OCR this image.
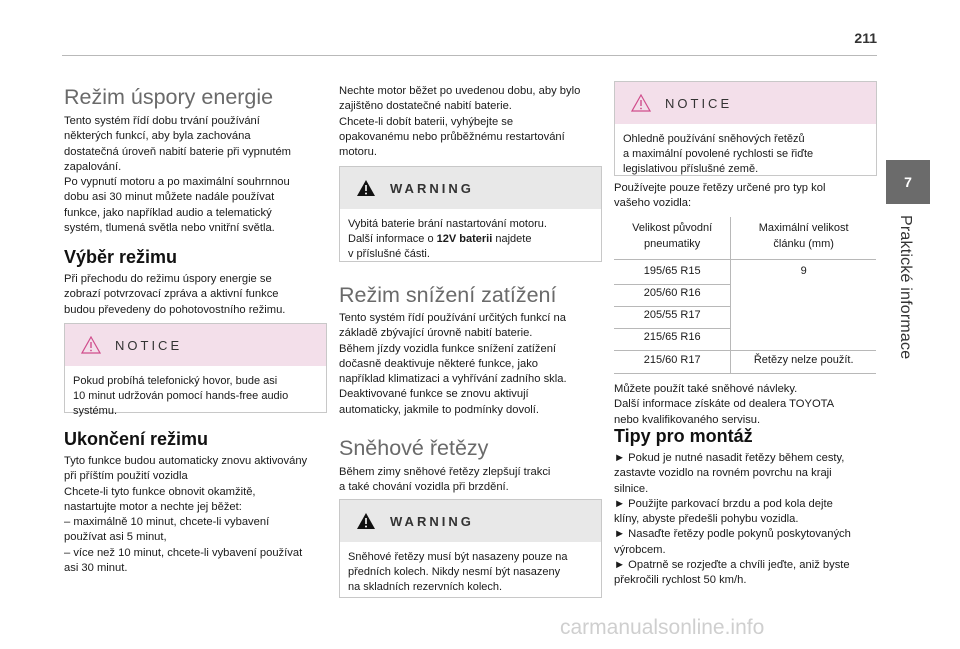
211
7
Praktické informace
Režim úspory energie

Tento systém řídí dobu trvání používání
některých funkcí, aby byla zachována
dostatečná úroveň nabití baterie při vypnutém
zapalování.
Po vypnutí motoru a po maximální souhrnnou
dobu asi 30 minut můžete nadále používat
funkce, jako například audio a telematický
systém, tlumená světla nebo vnitřní světla.

Výběr režimu

Při přechodu do režimu úspory energie se
zobrazí potvrzovací zpráva a aktivní funkce
budou převedeny do pohotovostního režimu.

NOTICE
Pokud probíhá telefonický hovor, bude asi
10 minut udržován pomocí hands-free audio
systému.
Ukončení režimu

Tyto funkce budou automaticky znovu aktivovány
při příštím použití vozidla
Chcete-li tyto funkce obnovit okamžitě,
nastartujte motor a nechte jej běžet:
– maximálně 10 minut, chcete-li vybavení
používat asi 5 minut,
– více než 10 minut, chcete-li vybavení používat
asi 30 minut.

Nechte motor běžet po uvedenou dobu, aby bylo
zajištěno dostatečné nabití baterie.
Chcete-li dobít baterii, vyhýbejte se
opakovanému nebo průběžnému restartování
motoru.

WARNING
Vybitá baterie brání nastartování motoru.
Další informace o 12V baterii najdete
v příslušné části.
Režim snížení zatížení

Tento systém řídí používání určitých funkcí na
základě zbývající úrovně nabití baterie.
Během jízdy vozidla funkce snížení zatížení
dočasně deaktivuje některé funkce, jako
například klimatizaci a vyhřívání zadního skla.
Deaktivované funkce se znovu aktivují
automaticky, jakmile to podmínky dovolí.

Sněhové řetězy

Během zimy sněhové řetězy zlepšují trakci
a také chování vozidla při brzdění.

WARNING
Sněhové řetězy musí být nasazeny pouze na
předních kolech. Nikdy nesmí být nasazeny
na skladních rezervních kolech.
NOTICE
Ohledně používání sněhových řetězů
a maximální povolené rychlosti se řiďte
legislativou příslušné země.

Používejte pouze řetězy určené pro typ kol
vašeho vozidla:

Velikost původní
pneumatiky	Maximální velikost
článku (mm)
195/65 R15	9
205/60 R16	
205/55 R17	
215/65 R16	
215/60 R17	Řetězy nelze použít.

Můžete použít také sněhové návleky.
Další informace získáte od dealera TOYOTA
nebo kvalifikovaného servisu.

Tipy pro montáž

► Pokud je nutné nasadit řetězy během cesty,
zastavte vozidlo na rovném povrchu na kraji
silnice.
► Použijte parkovací brzdu a pod kola dejte
klíny, abyste předešli pohybu vozidla.
► Nasaďte řetězy podle pokynů poskytovaných
výrobcem.
► Opatrně se rozjeďte a chvíli jeďte, aniž byste
překročili rychlost 50 km/h.

carmanualsonline.info
